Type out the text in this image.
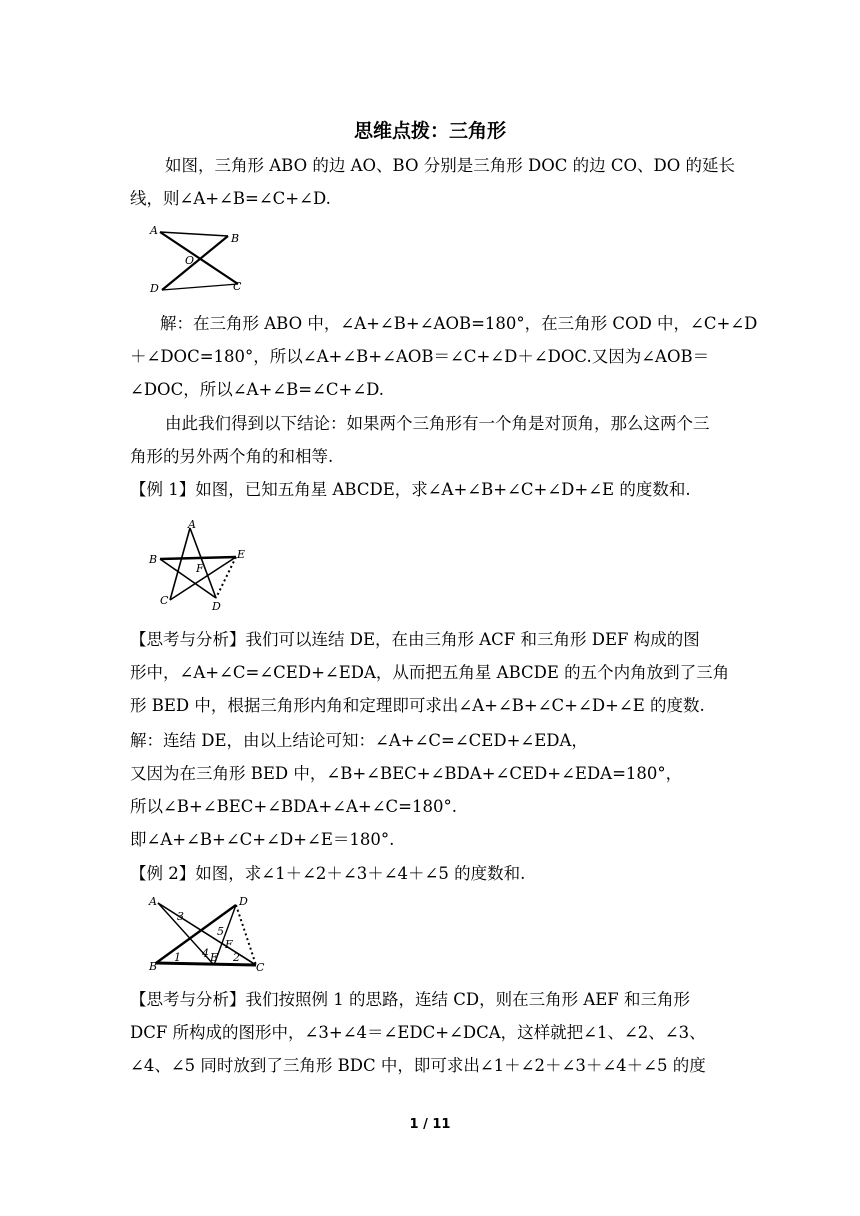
思维点拨：三角形
如图，三角形 ABO 的边 AO、BO 分别是三角形 DOC 的边 CO、DO 的延长
线，则∠A+∠B=∠C+∠D.
A
B
O
D	C
解：在三角形 ABO 中，∠A+∠B+∠AOB=180°，在三角形 COD 中，∠C+∠D
＋∠DOC=180°，所以∠A+∠B+∠AOB＝∠C+∠D＋∠DOC.又因为∠AOB＝
∠DOC，所以∠A+∠B=∠C+∠D.
由此我们得到以下结论：如果两个三角形有一个角是对顶角，那么这两个三
角形的另外两个角的和相等.
【例 1】如图，已知五角星 ABCDE，求∠A+∠B+∠C+∠D+∠E 的度数和.
A
B	E
F
C	D
【思考与分析】我们可以连结 DE，在由三角形 ACF 和三角形 DEF 构成的图
形中，∠A+∠C=∠CED+∠EDA，从而把五角星 ABCDE 的五个内角放到了三角
形 BED 中，根据三角形内角和定理即可求出∠A+∠B+∠C+∠D+∠E 的度数.
解：连结 DE，由以上结论可知：∠A+∠C=∠CED+∠EDA，
又因为在三角形 BED 中，∠B+∠BEC+∠BDA+∠CED+∠EDA=180°，
所以∠B+∠BEC+∠BDA+∠A+∠C=180°.
即∠A+∠B+∠C+∠D+∠E＝180°.
【例 2】如图，求∠1＋∠2＋∠3＋∠4＋∠5 的度数和.
A	D
3
5
F
4 E
B
1	2
C
【思考与分析】我们按照例 1 的思路，连结 CD，则在三角形 AEF 和三角形
DCF 所构成的图形中，∠3+∠4＝∠EDC+∠DCA，这样就把∠1、∠2、∠3、
∠4、∠5 同时放到了三角形 BDC 中，即可求出∠1＋∠2＋∠3＋∠4＋∠5 的度
1 / 11
